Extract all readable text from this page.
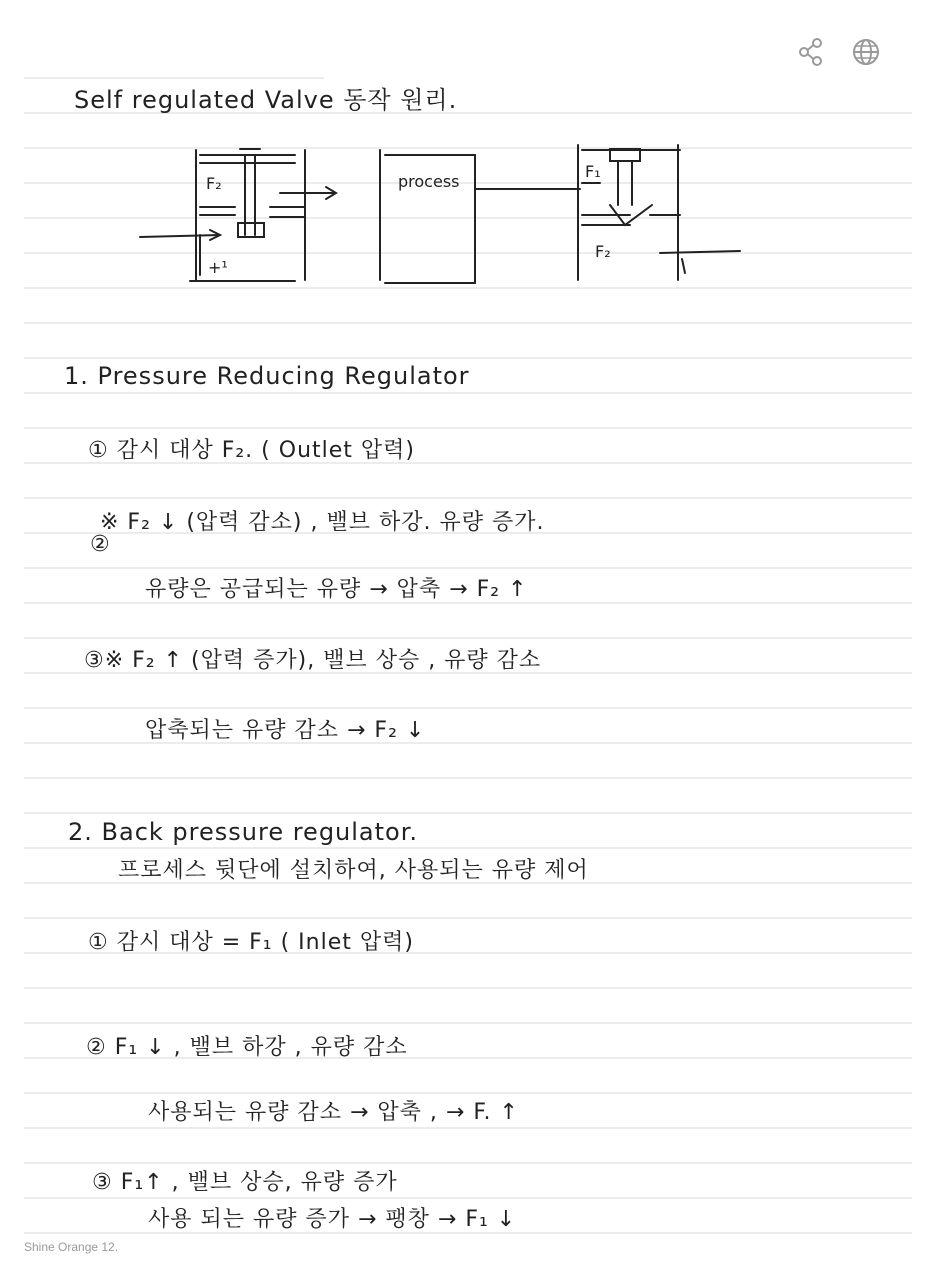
Self regulated Valve 동작 원리.
F₂
+¹
process
F₁
F₂
1. Pressure Reducing Regulator
① 감시 대상 F₂. ( Outlet 압력)
※ F₂ ↓ (압력 감소) , 밸브 하강. 유량 증가.
②
유량은 공급되는 유량 → 압축 → F₂ ↑
③※ F₂ ↑ (압력 증가), 밸브 상승 , 유량 감소
압축되는 유량 감소 → F₂ ↓
2. Back pressure regulator.
프로세스 뒷단에 설치하여, 사용되는 유량 제어
① 감시 대상 = F₁ ( Inlet 압력)
② F₁ ↓ , 밸브 하강 , 유량 감소
사용되는 유량 감소 → 압축 , → F. ↑
③ F₁↑ , 밸브 상승, 유량 증가
사용 되는 유량 증가 → 팽창 → F₁ ↓
Shine Orange 12.
